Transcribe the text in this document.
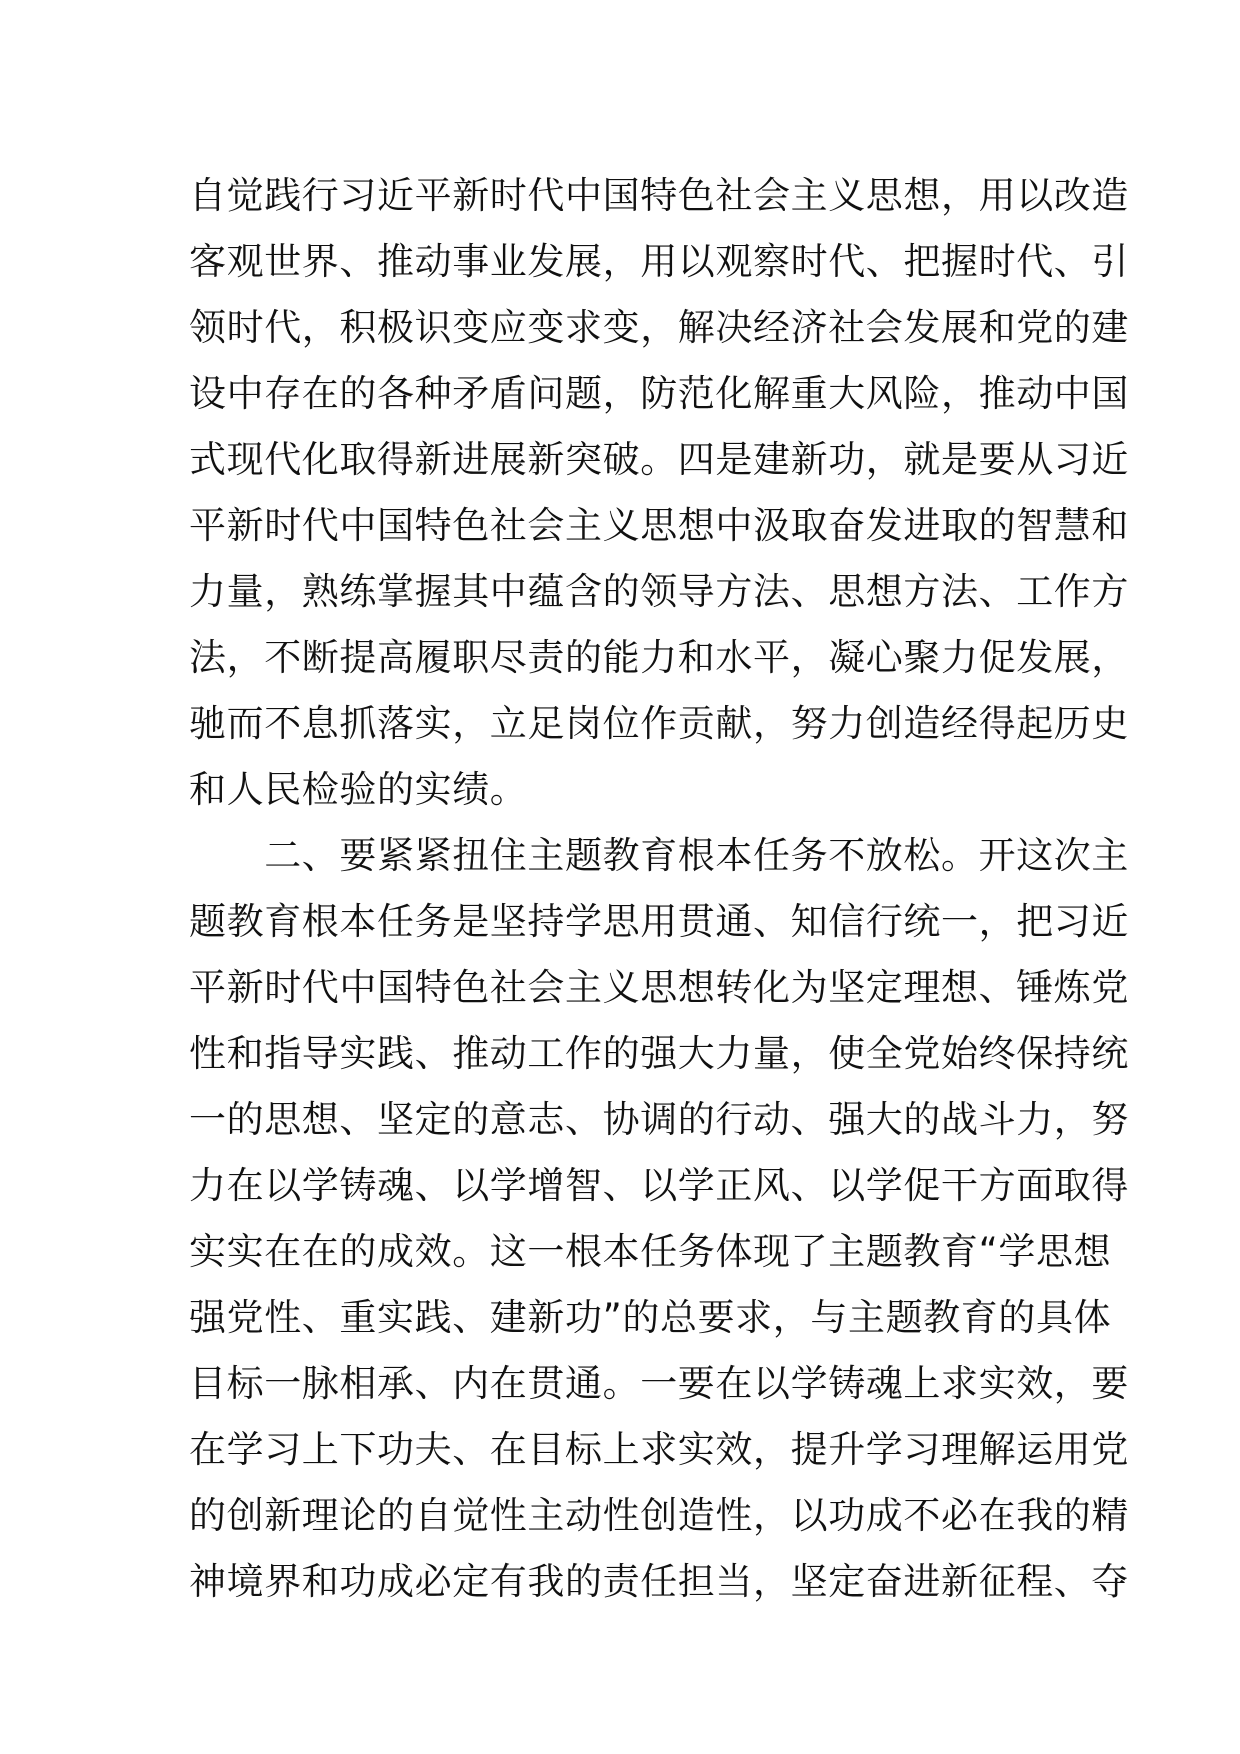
自觉践行习近平新时代中国特色社会主义思想，用以改造
客观世界、推动事业发展，用以观察时代、把握时代、引
领时代，积极识变应变求变，解决经济社会发展和党的建
设中存在的各种矛盾问题，防范化解重大风险，推动中国
式现代化取得新进展新突破。四是建新功，就是要从习近
平新时代中国特色社会主义思想中汲取奋发进取的智慧和
力量，熟练掌握其中蕴含的领导方法、思想方法、工作方
法，不断提高履职尽责的能力和水平，凝心聚力促发展，
驰而不息抓落实，立足岗位作贡献，努力创造经得起历史
和人民检验的实绩。
　　二、要紧紧扭住主题教育根本任务不放松。开这次主
题教育根本任务是坚持学思用贯通、知信行统一，把习近
平新时代中国特色社会主义思想转化为坚定理想、锤炼党
性和指导实践、推动工作的强大力量，使全党始终保持统
一的思想、坚定的意志、协调的行动、强大的战斗力，努
力在以学铸魂、以学增智、以学正风、以学促干方面取得
实实在在的成效。这一根本任务体现了主题教育“学思想
强党性、重实践、建新功”的总要求，与主题教育的具体
目标一脉相承、内在贯通。一要在以学铸魂上求实效，要
在学习上下功夫、在目标上求实效，提升学习理解运用党
的创新理论的自觉性主动性创造性，以功成不必在我的精
神境界和功成必定有我的责任担当，坚定奋进新征程、夺
